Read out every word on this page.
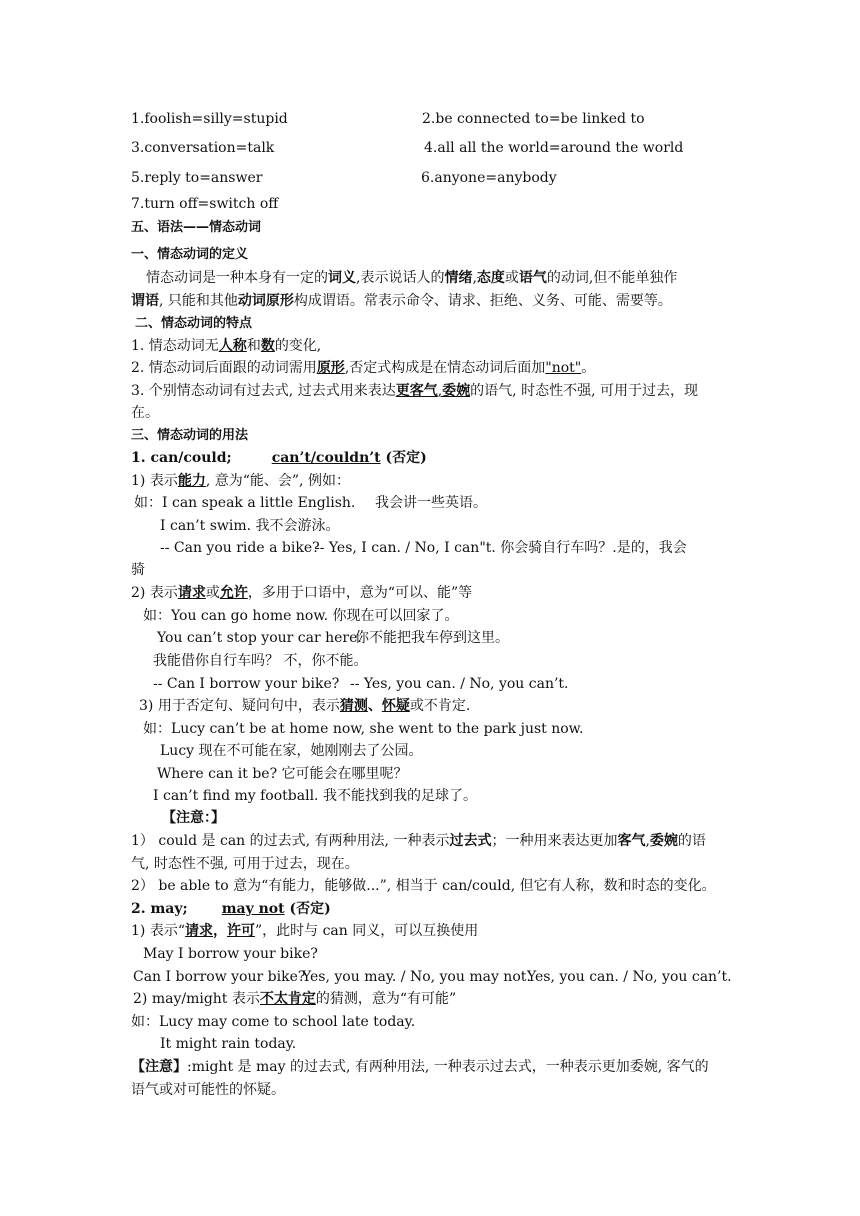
1.foolish=silly=stupid	2.be connected to=be linked to
3.conversation=talk	4.all all the world=around the world
5.reply to=answer	6.anyone=anybody
7.turn off=switch off
五、语法——情态动词
一、情态动词的定义
情态动词是一种本身有一定的词义,表示说话人的情绪,态度或语气的动词,但不能单独作
谓语, 只能和其他动词原形构成谓语。常表示命令、请求、拒绝、义务、可能、需要等。
二、情态动词的特点
1. 情态动词无人称和数的变化,
2. 情态动词后面跟的动词需用原形,否定式构成是在情态动词后面加"not"。
3. 个别情态动词有过去式, 过去式用来表达更客气,委婉的语气, 时态性不强, 可用于过去，现
在。
三、情态动词的用法
1. can/could;	can’t/couldn’t (否定)
1) 表示能力, 意为“能、会”, 例如：
如：I can speak a little English. 我会讲一些英语。
I can’t swim. 我不会游泳。
-- Can you ride a bike?
-- Yes, I can. / No, I can"t. 你会骑自行车吗？.是的，我会
骑
2) 表示请求或允许，多用于口语中，意为“可以、能”等
如：You can go home now. 你现在可以回家了。
You can’t stop your car here.
你不能把我车停到这里。
我能借你自行车吗？ 不，你不能。
-- Can I borrow your bike? -- Yes, you can. / No, you can’t.
3) 用于否定句、疑问句中，表示猜测、怀疑或不肯定.
如：Lucy can’t be at home now, she went to the park just now.
Lucy 现在不可能在家，她刚刚去了公园。
Where can it be? 它可能会在哪里呢？
I can’t find my football. 我不能找到我的足球了。
【注意：】
1） could 是 can 的过去式, 有两种用法, 一种表示过去式；一种用来表达更加客气,委婉的语
气, 时态性不强, 可用于过去，现在。
2） be able to 意为“有能力，能够做...”, 相当于 can/could, 但它有人称，数和时态的变化。
2. may; may not (否定)
1) 表示“请求，许可”，此时与 can 同义，可以互换使用
May I borrow your bike?
Can I borrow your bike?
Yes, you may. / No, you may not.
Yes, you can. / No, you can’t.
2) may/might 表示不太肯定的猜测，意为“有可能”
如：Lucy may come to school late today.
It might rain today.
【注意】:might 是 may 的过去式, 有两种用法, 一种表示过去式，一种表示更加委婉, 客气的
语气或对可能性的怀疑。
